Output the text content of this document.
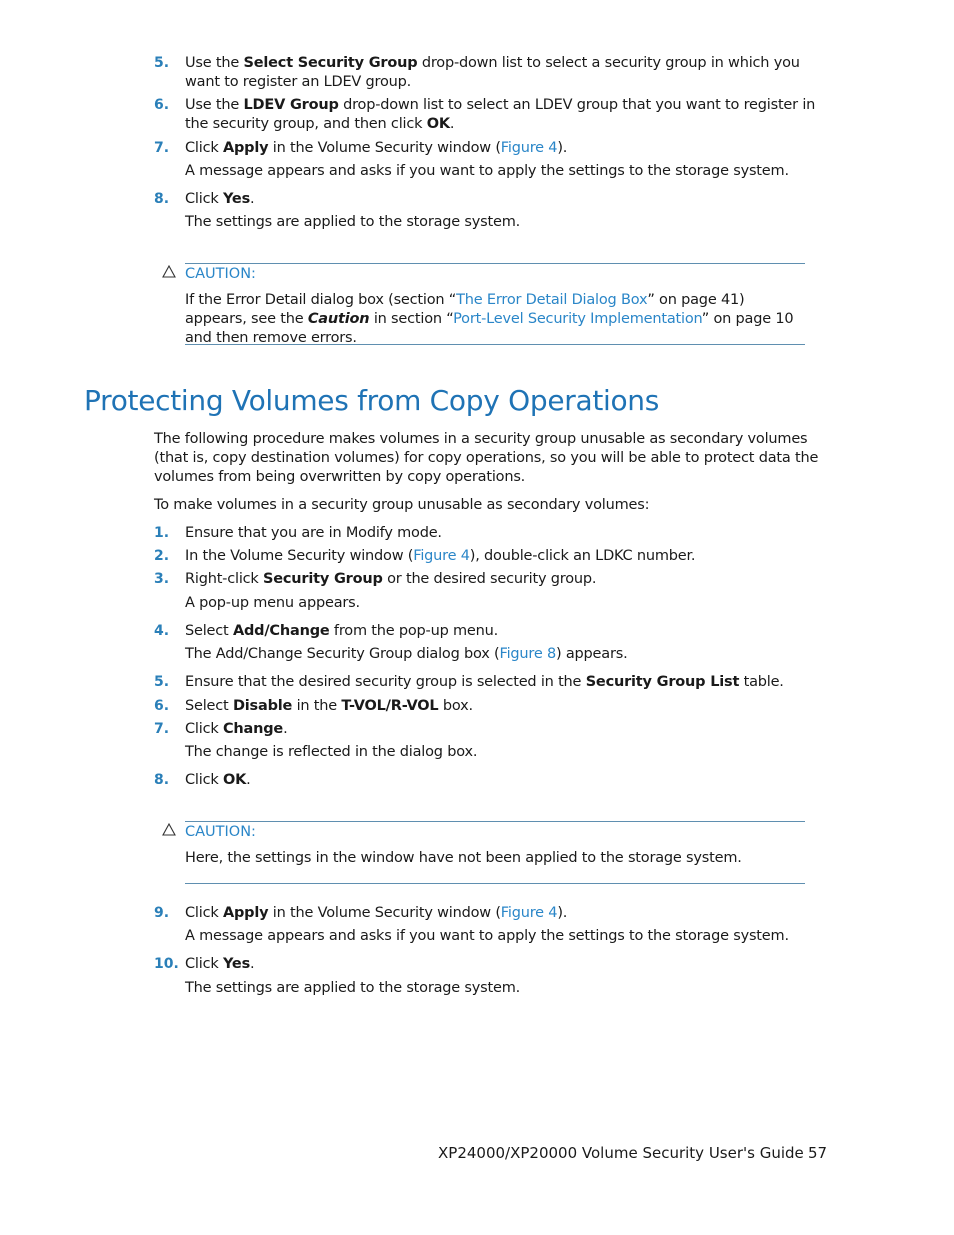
5. Use the Select Security Group drop-down list to select a security group in which you want to register an LDEV group.
6. Use the LDEV Group drop-down list to select an LDEV group that you want to register in the security group, and then click OK.
7. Click Apply in the Volume Security window (Figure 4).
A message appears and asks if you want to apply the settings to the storage system.
8. Click Yes.
The settings are applied to the storage system.
CAUTION:
If the Error Detail dialog box (section “The Error Detail Dialog Box” on page 41) appears, see the Caution in section “Port-Level Security Implementation” on page 10 and then remove errors.
Protecting Volumes from Copy Operations
The following procedure makes volumes in a security group unusable as secondary volumes (that is, copy destination volumes) for copy operations, so you will be able to protect data the volumes from being overwritten by copy operations.
To make volumes in a security group unusable as secondary volumes:
1. Ensure that you are in Modify mode.
2. In the Volume Security window (Figure 4), double-click an LDKC number.
3. Right-click Security Group or the desired security group.
A pop-up menu appears.
4. Select Add/Change from the pop-up menu.
The Add/Change Security Group dialog box (Figure 8) appears.
5. Ensure that the desired security group is selected in the Security Group List table.
6. Select Disable in the T-VOL/R-VOL box.
7. Click Change.
The change is reflected in the dialog box.
8. Click OK.
CAUTION:
Here, the settings in the window have not been applied to the storage system.
9. Click Apply in the Volume Security window (Figure 4).
A message appears and asks if you want to apply the settings to the storage system.
10. Click Yes.
The settings are applied to the storage system.
XP24000/XP20000 Volume Security User's Guide 57
